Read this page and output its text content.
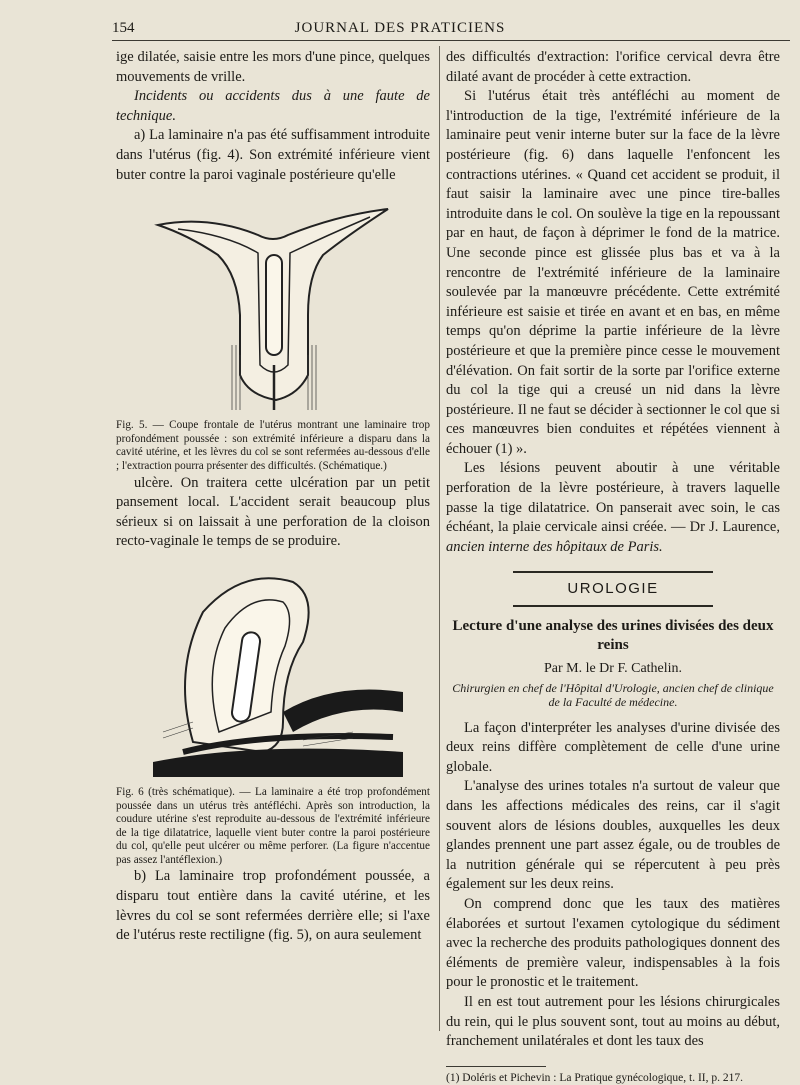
154	JOURNAL DES PRATICIENS

ige dilatée, saisie entre les mors d'une pince, quelques mouvements de vrille.

Incidents ou accidents dus à une faute de technique.

a) La laminaire n'a pas été suffisamment introduite dans l'utérus (fig. 4). Son extrémité inférieure vient buter contre la paroi vaginale postérieure qu'elle

Fig. 5. — Coupe frontale de l'utérus montrant une laminaire trop profondément poussée : son extrémité inférieure a disparu dans la cavité utérine, et les lèvres du col se sont refermées au-dessous d'elle ; l'extraction pourra présenter des difficultés. (Schématique.)

ulcère. On traitera cette ulcération par un petit pansement local. L'accident serait beaucoup plus sérieux si on laissait à une perforation de la cloison recto-vaginale le temps de se produire.

Fig. 6 (très schématique). — La laminaire a été trop profondément poussée dans un utérus très antéfléchi. Après son introduction, la coudure utérine s'est reproduite au-dessous de l'extrémité inférieure de la tige dilatatrice, laquelle vient buter contre la paroi postérieure du col, qu'elle peut ulcérer ou même perforer. (La figure n'accentue pas assez l'antéflexion.)

b) La laminaire trop profondément poussée, a disparu tout entière dans la cavité utérine, et les lèvres du col se sont refermées derrière elle; si l'axe de l'utérus reste rectiligne (fig. 5), on aura seulement

des difficultés d'extraction: l'orifice cervical devra être dilaté avant de procéder à cette extraction.

Si l'utérus était très antéfléchi au moment de l'introduction de la tige, l'extrémité inférieure de la laminaire peut venir interne buter sur la face de la lèvre postérieure (fig. 6) dans laquelle l'enfoncent les contractions utérines. « Quand cet accident se produit, il faut saisir la laminaire avec une pince tire-balles introduite dans le col. On soulève la tige en la repoussant par en haut, de façon à déprimer le fond de la matrice. Une seconde pince est glissée plus bas et va à la rencontre de l'extrémité inférieure de la laminaire soulevée par la manœuvre précédente. Cette extrémité inférieure est saisie et tirée en avant et en bas, en même temps qu'on déprime la partie inférieure de la lèvre postérieure et que la première pince cesse le mouvement d'élévation. On fait sortir de la sorte par l'orifice externe du col la tige qui a creusé un nid dans la lèvre postérieure. Il ne faut se décider à sectionner le col que si ces manœuvres bien conduites et répétées viennent à échouer (1) ».

Les lésions peuvent aboutir à une véritable perforation de la lèvre postérieure, à travers laquelle passe la tige dilatatrice. On panserait avec soin, le cas échéant, la plaie cervicale ainsi créée. — Dr J. Laurence, ancien interne des hôpitaux de Paris.

UROLOGIE
Lecture d'une analyse des urines divisées des deux reins
Par M. le Dr F. Cathelin.
Chirurgien en chef de l'Hôpital d'Urologie, ancien chef de clinique de la Faculté de médecine.

La façon d'interpréter les analyses d'urine divisée des deux reins diffère complètement de celle d'une urine globale.

L'analyse des urines totales n'a surtout de valeur que dans les affections médicales des reins, car il s'agit souvent alors de lésions doubles, auxquelles les deux glandes prennent une part assez égale, ou de troubles de la nutrition générale qui se répercutent à peu près également sur les deux reins.

On comprend donc que les taux des matières élaborées et surtout l'examen cytologique du sédiment avec la recherche des produits pathologiques donnent des éléments de première valeur, indispensables à la fois pour le pronostic et le traitement.

Il en est tout autrement pour les lésions chirurgicales du rein, qui le plus souvent sont, tout au moins au début, franchement unilatérales et dont les taux des

(1) Doléris et Pichevin : La Pratique gynécologique, t. II, p. 217.
